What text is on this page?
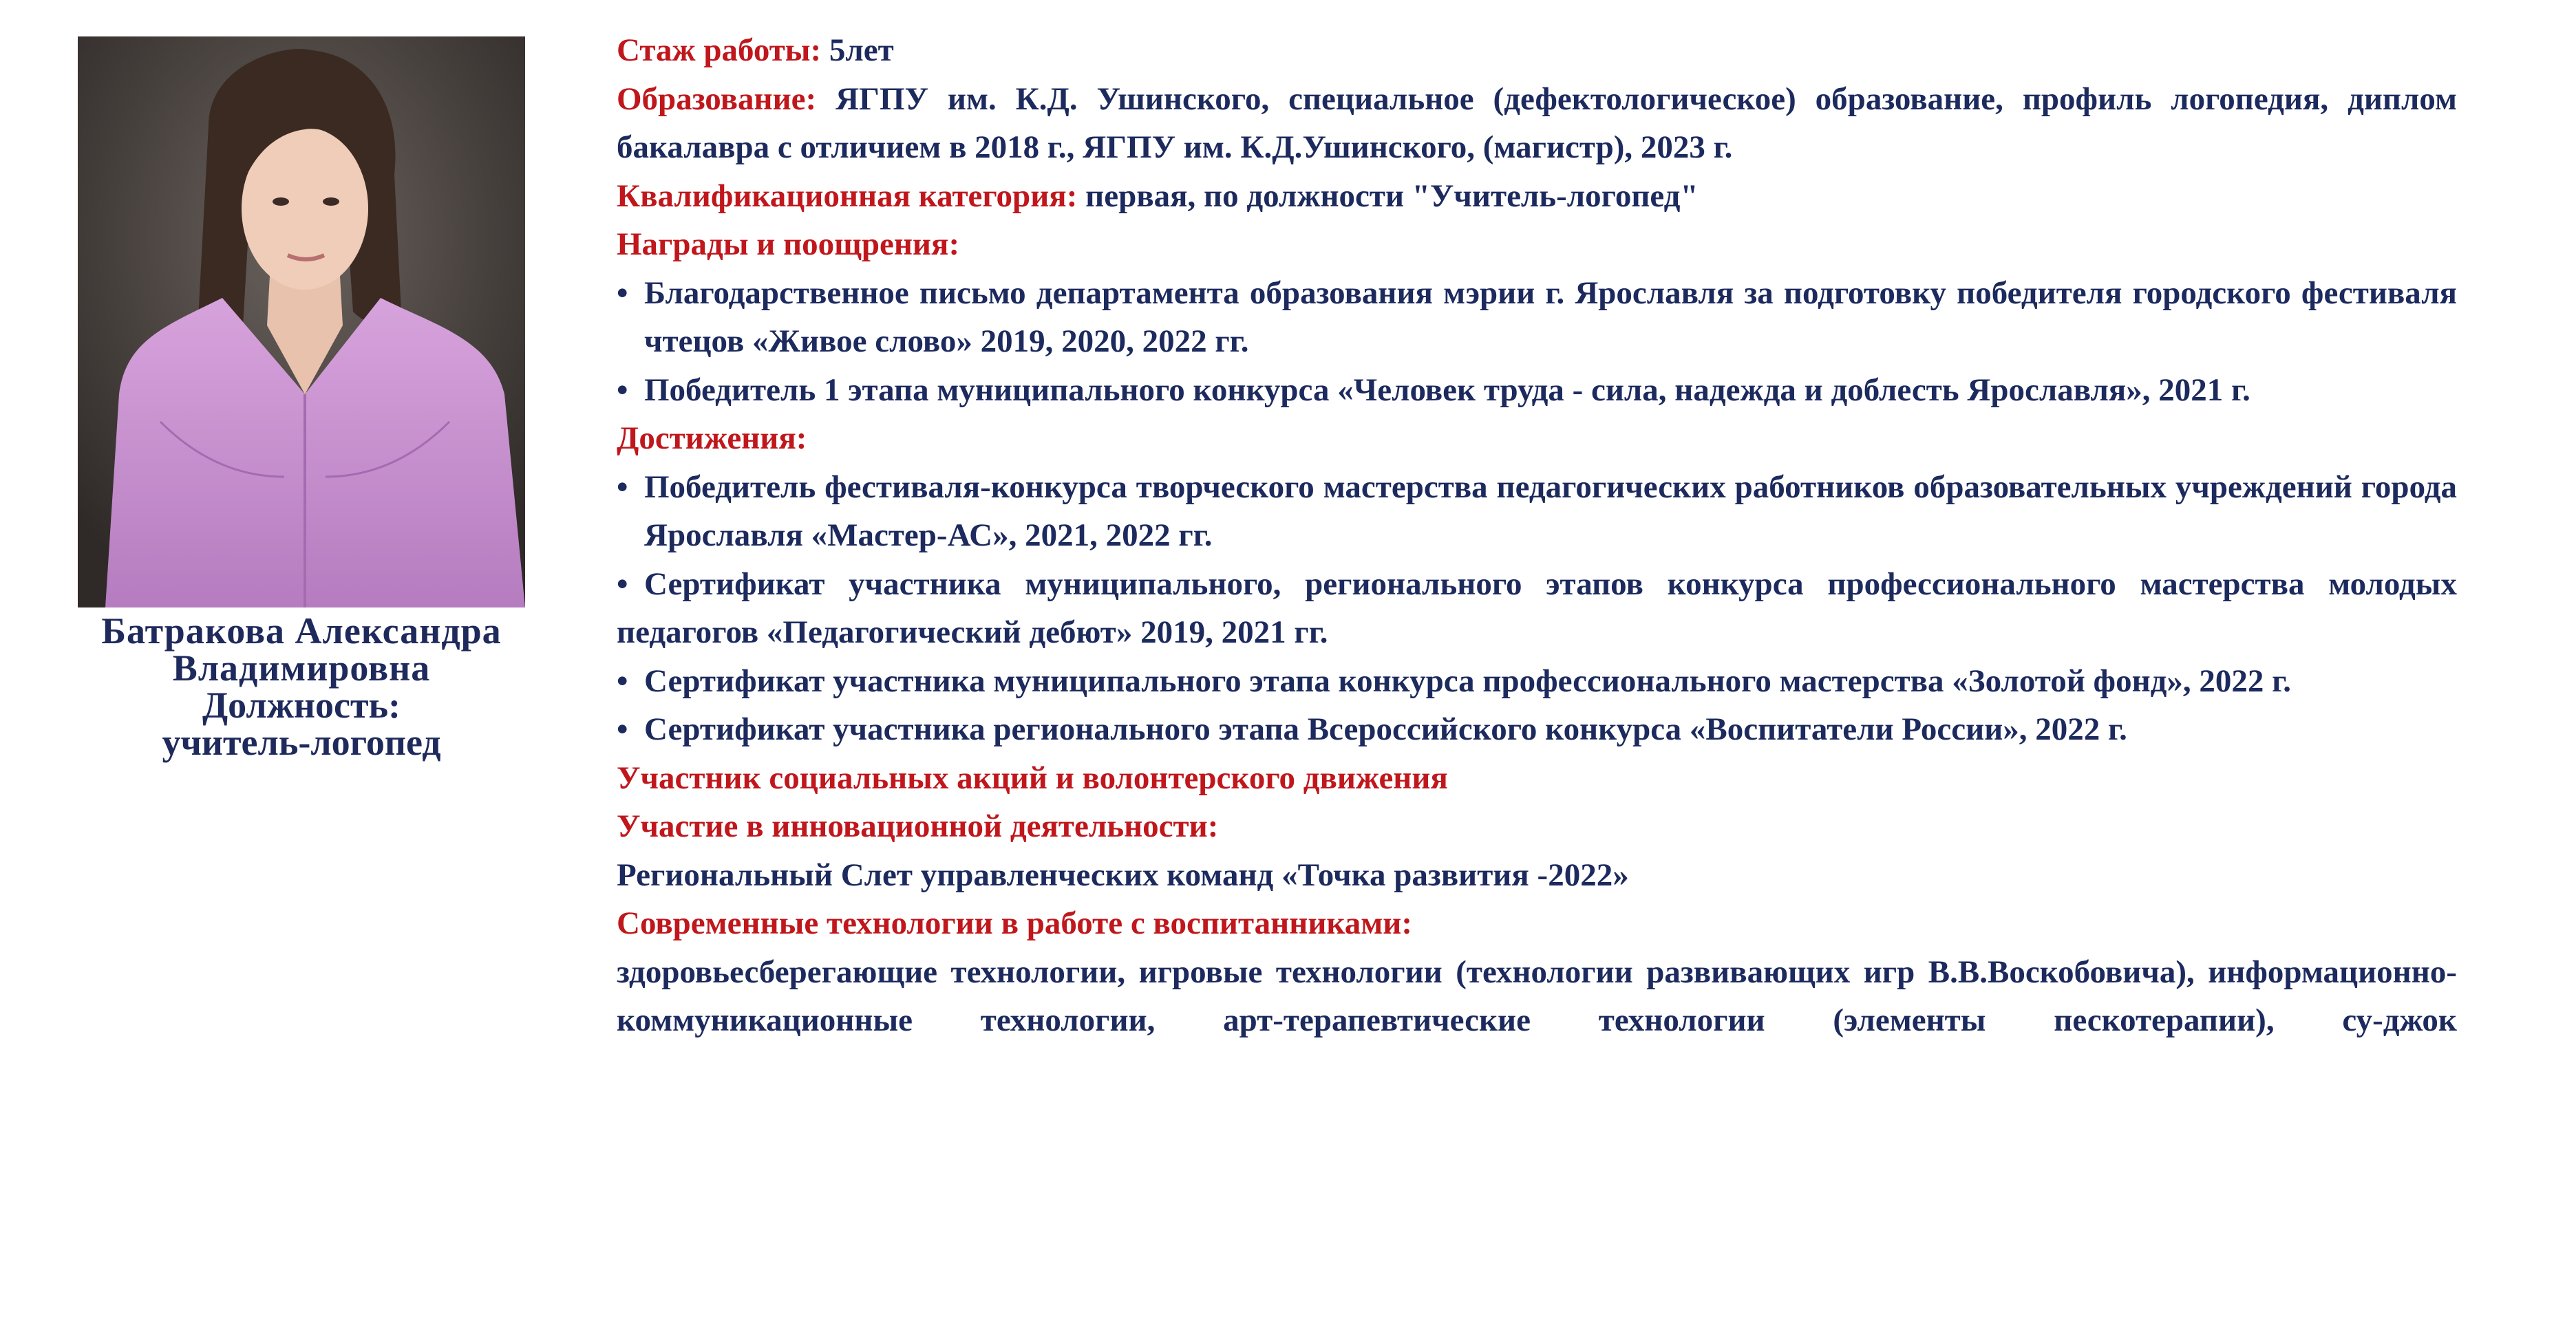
Батракова Александра
Владимировна
Должность:
учитель-логопед

Стаж работы: 5лет

Образование: ЯГПУ им. К.Д. Ушинского, специальное (дефектологическое) образование, профиль логопедия, диплом

бакалавра с отличием в 2018 г., ЯГПУ им. К.Д.Ушинского, (магистр), 2023 г.

Квалификационная категория: первая, по должности "Учитель-логопед"

Награды и поощрения:

• Благодарственное письмо департамента образования мэрии г. Ярославля за подготовку победителя городского фестиваля чтецов «Живое слово» 2019, 2020, 2022 гг.

• Победитель 1 этапа муниципального конкурса «Человек труда - сила, надежда и доблесть Ярославля», 2021 г.

Достижения:

• Победитель фестиваля-конкурса творческого мастерства педагогических работников образовательных учреждений города Ярославля «Мастер-АС», 2021, 2022 гг.

• Сертификат участника муниципального, регионального этапов конкурса профессионального мастерства молодых педагогов «Педагогический дебют» 2019, 2021 гг.

• Сертификат участника муниципального этапа конкурса профессионального мастерства «Золотой фонд», 2022 г.

• Сертификат участника регионального этапа Всероссийского конкурса «Воспитатели России», 2022 г.

Участник социальных акций и волонтерского движения

Участие в инновационной деятельности:

Региональный Слет управленческих команд «Точка развития -2022»

Современные технологии в работе с воспитанниками:

здоровьесберегающие технологии, игровые технологии (технологии развивающих игр В.В.Воскобовича), информационно-коммуникационные технологии, арт-терапевтические технологии (элементы пескотерапии), су-джок
